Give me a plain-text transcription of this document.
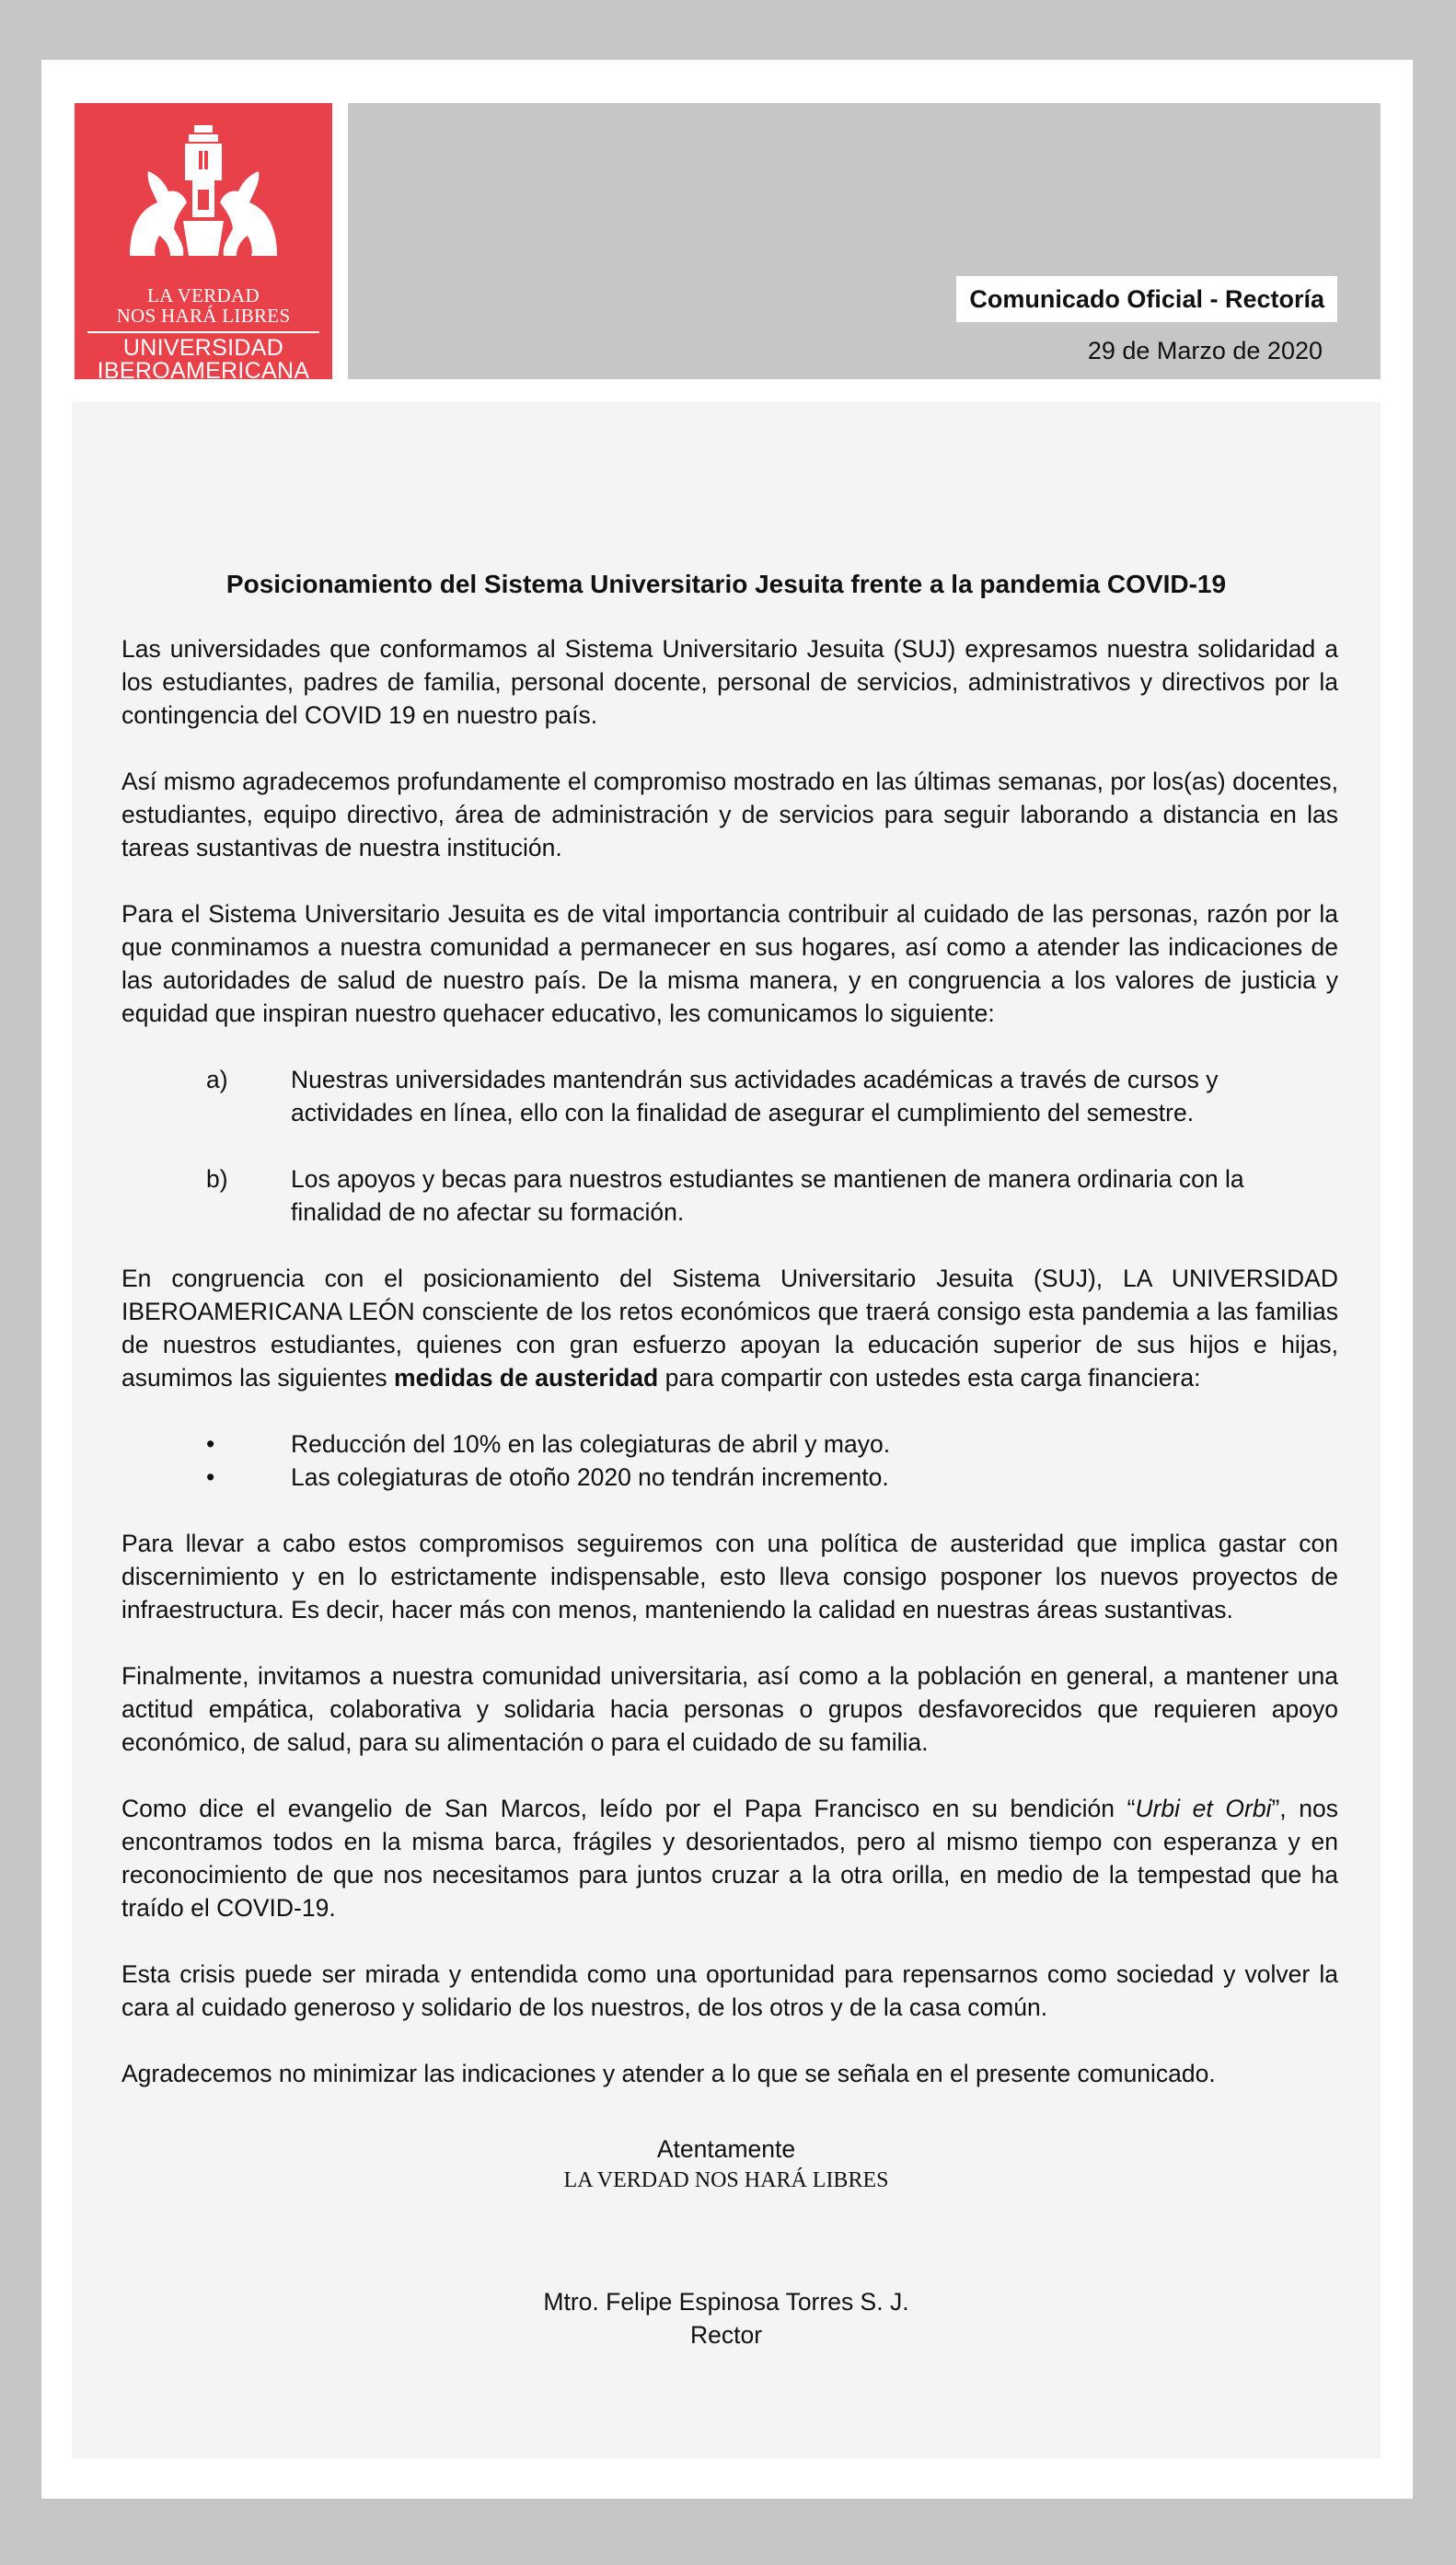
LA VERDAD
NOS HARÁ LIBRES
UNIVERSIDAD
IBEROAMERICANA
Comunicado Oficial - Rectoría
29 de Marzo de 2020
Posicionamiento del Sistema Universitario Jesuita frente a la pandemia COVID-19

Las universidades que conformamos al Sistema Universitario Jesuita (SUJ) expresamos nuestra solidaridad a los estudiantes, padres de familia, personal docente, personal de servicios, administrativos y directivos por la contingencia del COVID 19 en nuestro país.

Así mismo agradecemos profundamente el compromiso mostrado en las últimas semanas, por los(as) docentes, estudiantes, equipo directivo, área de administración y de servicios para seguir laborando a distancia en las tareas sustantivas de nuestra institución.

Para el Sistema Universitario Jesuita es de vital importancia contribuir al cuidado de las personas, razón por la que conminamos a nuestra comunidad a permanecer en sus hogares, así como a atender las indicaciones de las autoridades de salud de nuestro país. De la misma manera, y en congruencia a los valores de justicia y equidad que inspiran nuestro quehacer educativo, les comunicamos lo siguiente:

a)	Nuestras universidades mantendrán sus actividades académicas a través de cursos y actividades en línea, ello con la finalidad de asegurar el cumplimiento del semestre.
b)	Los apoyos y becas para nuestros estudiantes se mantienen de manera ordinaria con la finalidad de no afectar su formación.

En congruencia con el posicionamiento del Sistema Universitario Jesuita (SUJ), LA UNIVERSIDAD IBEROAMERICANA LEÓN consciente de los retos económicos que traerá consigo esta pandemia a las familias de nuestros estudiantes, quienes con gran esfuerzo apoyan la educación superior de sus hijos e hijas, asumimos las siguientes medidas de austeridad para compartir con ustedes esta carga financiera:

•	Reducción del 10% en las colegiaturas de abril y mayo.
•	Las colegiaturas de otoño 2020 no tendrán incremento.

Para llevar a cabo estos compromisos seguiremos con una política de austeridad que implica gastar con discernimiento y en lo estrictamente indispensable, esto lleva consigo posponer los nuevos proyectos de infraestructura. Es decir, hacer más con menos, manteniendo la calidad en nuestras áreas sustantivas.

Finalmente, invitamos a nuestra comunidad universitaria, así como a la población en general, a mantener una actitud empática, colaborativa y solidaria hacia personas o grupos desfavorecidos que requieren apoyo económico, de salud, para su alimentación o para el cuidado de su familia.

Como dice el evangelio de San Marcos, leído por el Papa Francisco en su bendición “Urbi et Orbi”, nos encontramos todos en la misma barca, frágiles y desorientados, pero al mismo tiempo con esperanza y en reconocimiento de que nos necesitamos para juntos cruzar a la otra orilla, en medio de la tempestad que ha traído el COVID-19.

Esta crisis puede ser mirada y entendida como una oportunidad para repensarnos como sociedad y volver la cara al cuidado generoso y solidario de los nuestros, de los otros y de la casa común.

Agradecemos no minimizar las indicaciones y atender a lo que se señala en el presente comunicado.

Atentamente
LA VERDAD NOS HARÁ LIBRES
Mtro. Felipe Espinosa Torres S. J.
Rector
